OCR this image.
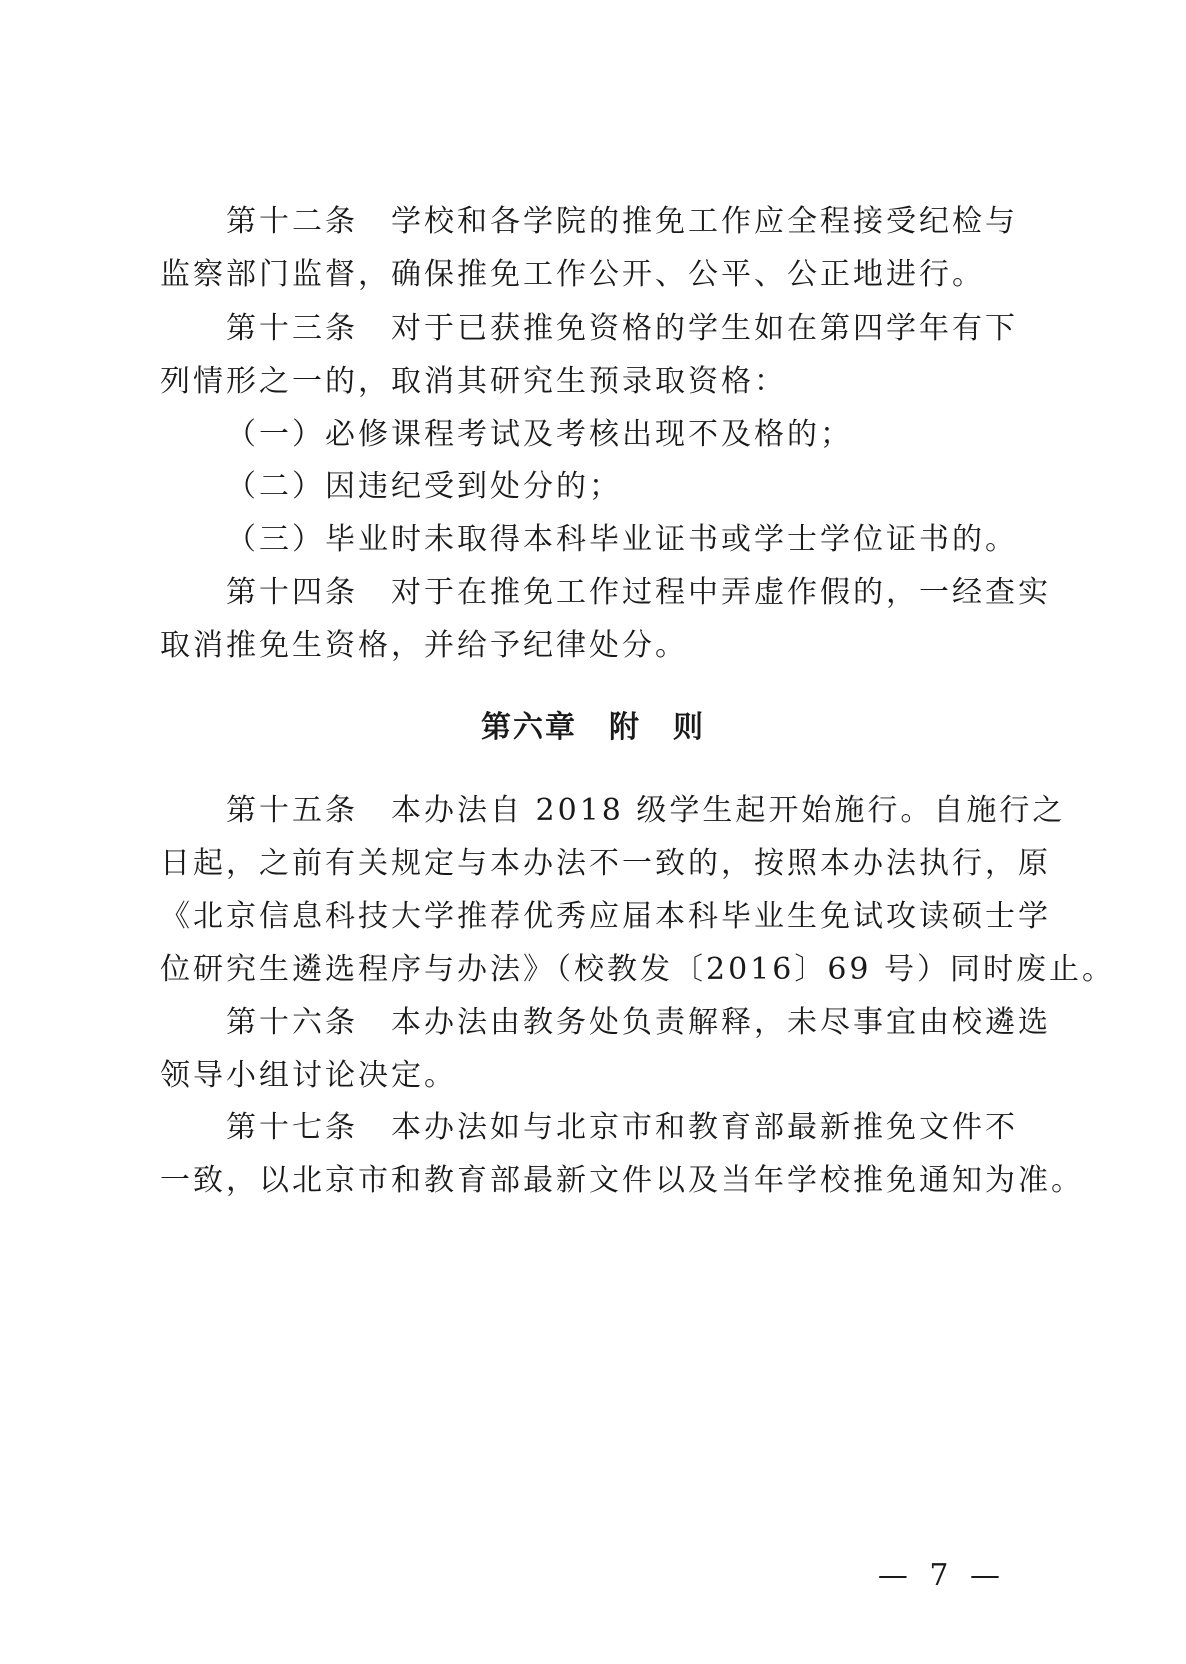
第十二条　学校和各学院的推免工作应全程接受纪检与
监察部门监督，确保推免工作公开、公平、公正地进行。
第十三条　对于已获推免资格的学生如在第四学年有下
列情形之一的，取消其研究生预录取资格：
（一）必修课程考试及考核出现不及格的；
（二）因违纪受到处分的；
（三）毕业时未取得本科毕业证书或学士学位证书的。
第十四条　对于在推免工作过程中弄虚作假的，一经查实
取消推免生资格，并给予纪律处分。
第六章　附　则
第十五条　本办法自 2018 级学生起开始施行。自施行之
日起，之前有关规定与本办法不一致的，按照本办法执行，原
《北京信息科技大学推荐优秀应届本科毕业生免试攻读硕士学
位研究生遴选程序与办法》（校教发〔2016〕69 号）同时废止。
第十六条　本办法由教务处负责解释，未尽事宜由校遴选
领导小组讨论决定。
第十七条　本办法如与北京市和教育部最新推免文件不
一致，以北京市和教育部最新文件以及当年学校推免通知为准。
— 7 —
